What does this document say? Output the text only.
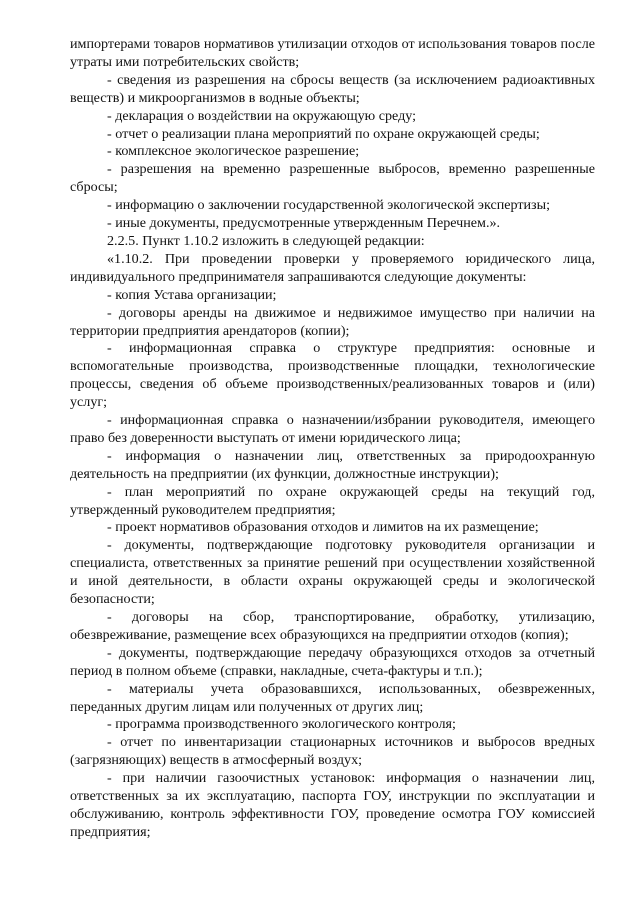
импортерами товаров нормативов утилизации отходов от использования товаров после утраты ими потребительских свойств;

- сведения из разрешения на сбросы веществ (за исключением радиоактивных веществ) и микроорганизмов в водные объекты;

- декларация о воздействии на окружающую среду;

- отчет о реализации плана мероприятий по охране окружающей среды;

- комплексное экологическое разрешение;

- разрешения на временно разрешенные выбросов, временно разрешенные сбросы;

- информацию о заключении государственной экологической экспертизы;

- иные документы, предусмотренные утвержденным Перечнем.».

2.2.5. Пункт 1.10.2 изложить в следующей редакции:

«1.10.2. При проведении проверки у проверяемого юридического лица, индивидуального предпринимателя запрашиваются следующие документы:

- копия Устава организации;

- договоры аренды на движимое и недвижимое имущество при наличии на территории предприятия арендаторов (копии);

- информационная справка о структуре предприятия: основные и вспомогательные производства, производственные площадки, технологические процессы, сведения об объеме производственных/реализованных товаров и (или) услуг;

- информационная справка о назначении/избрании руководителя, имеющего право без доверенности выступать от имени юридического лица;

- информация о назначении лиц, ответственных за природоохранную деятельность на предприятии (их функции, должностные инструкции);

- план мероприятий по охране окружающей среды на текущий год, утвержденный руководителем предприятия;

- проект нормативов образования отходов и лимитов на их размещение;

- документы, подтверждающие подготовку руководителя организации и специалиста, ответственных за принятие решений при осуществлении хозяйственной и иной деятельности, в области охраны окружающей среды и экологической безопасности;

- договоры на сбор, транспортирование, обработку, утилизацию, обезвреживание, размещение всех образующихся на предприятии отходов (копия);

- документы, подтверждающие передачу образующихся отходов за отчетный период в полном объеме (справки, накладные, счета-фактуры и т.п.);

- материалы учета образовавшихся, использованных, обезвреженных, переданных другим лицам или полученных от других лиц;

- программа производственного экологического контроля;

- отчет по инвентаризации стационарных источников и выбросов вредных (загрязняющих) веществ в атмосферный воздух;

- при наличии газоочистных установок: информация о назначении лиц, ответственных за их эксплуатацию, паспорта ГОУ, инструкции по эксплуатации и обслуживанию, контроль эффективности ГОУ, проведение осмотра ГОУ комиссией предприятия;
